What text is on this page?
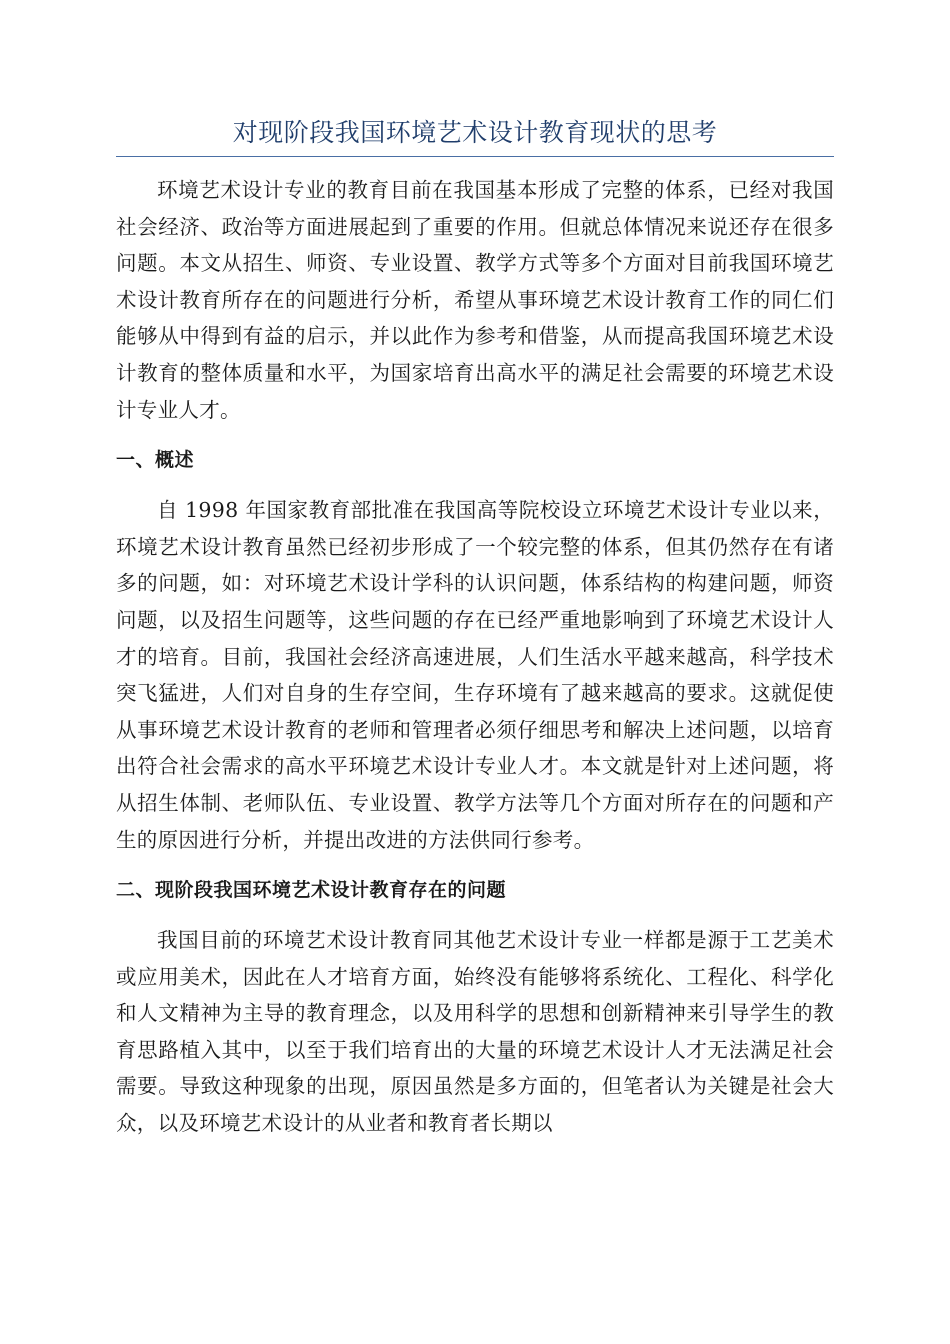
对现阶段我国环境艺术设计教育现状的思考

环境艺术设计专业的教育目前在我国基本形成了完整的体系，已经对我国社会经济、政治等方面进展起到了重要的作用。但就总体情况来说还存在很多问题。本文从招生、师资、专业设置、教学方式等多个方面对目前我国环境艺术设计教育所存在的问题进行分析，希望从事环境艺术设计教育工作的同仁们能够从中得到有益的启示，并以此作为参考和借鉴，从而提高我国环境艺术设计教育的整体质量和水平，为国家培育出高水平的满足社会需要的环境艺术设计专业人才。

一、概述

自 1998 年国家教育部批准在我国高等院校设立环境艺术设计专业以来，环境艺术设计教育虽然已经初步形成了一个较完整的体系，但其仍然存在有诸多的问题，如：对环境艺术设计学科的认识问题，体系结构的构建问题，师资问题，以及招生问题等，这些问题的存在已经严重地影响到了环境艺术设计人才的培育。目前，我国社会经济高速进展，人们生活水平越来越高，科学技术突飞猛进，人们对自身的生存空间，生存环境有了越来越高的要求。这就促使从事环境艺术设计教育的老师和管理者必须仔细思考和解决上述问题，以培育出符合社会需求的高水平环境艺术设计专业人才。本文就是针对上述问题，将从招生体制、老师队伍、专业设置、教学方法等几个方面对所存在的问题和产生的原因进行分析，并提出改进的方法供同行参考。

二、现阶段我国环境艺术设计教育存在的问题

我国目前的环境艺术设计教育同其他艺术设计专业一样都是源于工艺美术或应用美术，因此在人才培育方面，始终没有能够将系统化、工程化、科学化和人文精神为主导的教育理念，以及用科学的思想和创新精神来引导学生的教育思路植入其中，以至于我们培育出的大量的环境艺术设计人才无法满足社会需要。导致这种现象的出现，原因虽然是多方面的，但笔者认为关键是社会大众，以及环境艺术设计的从业者和教育者长期以
